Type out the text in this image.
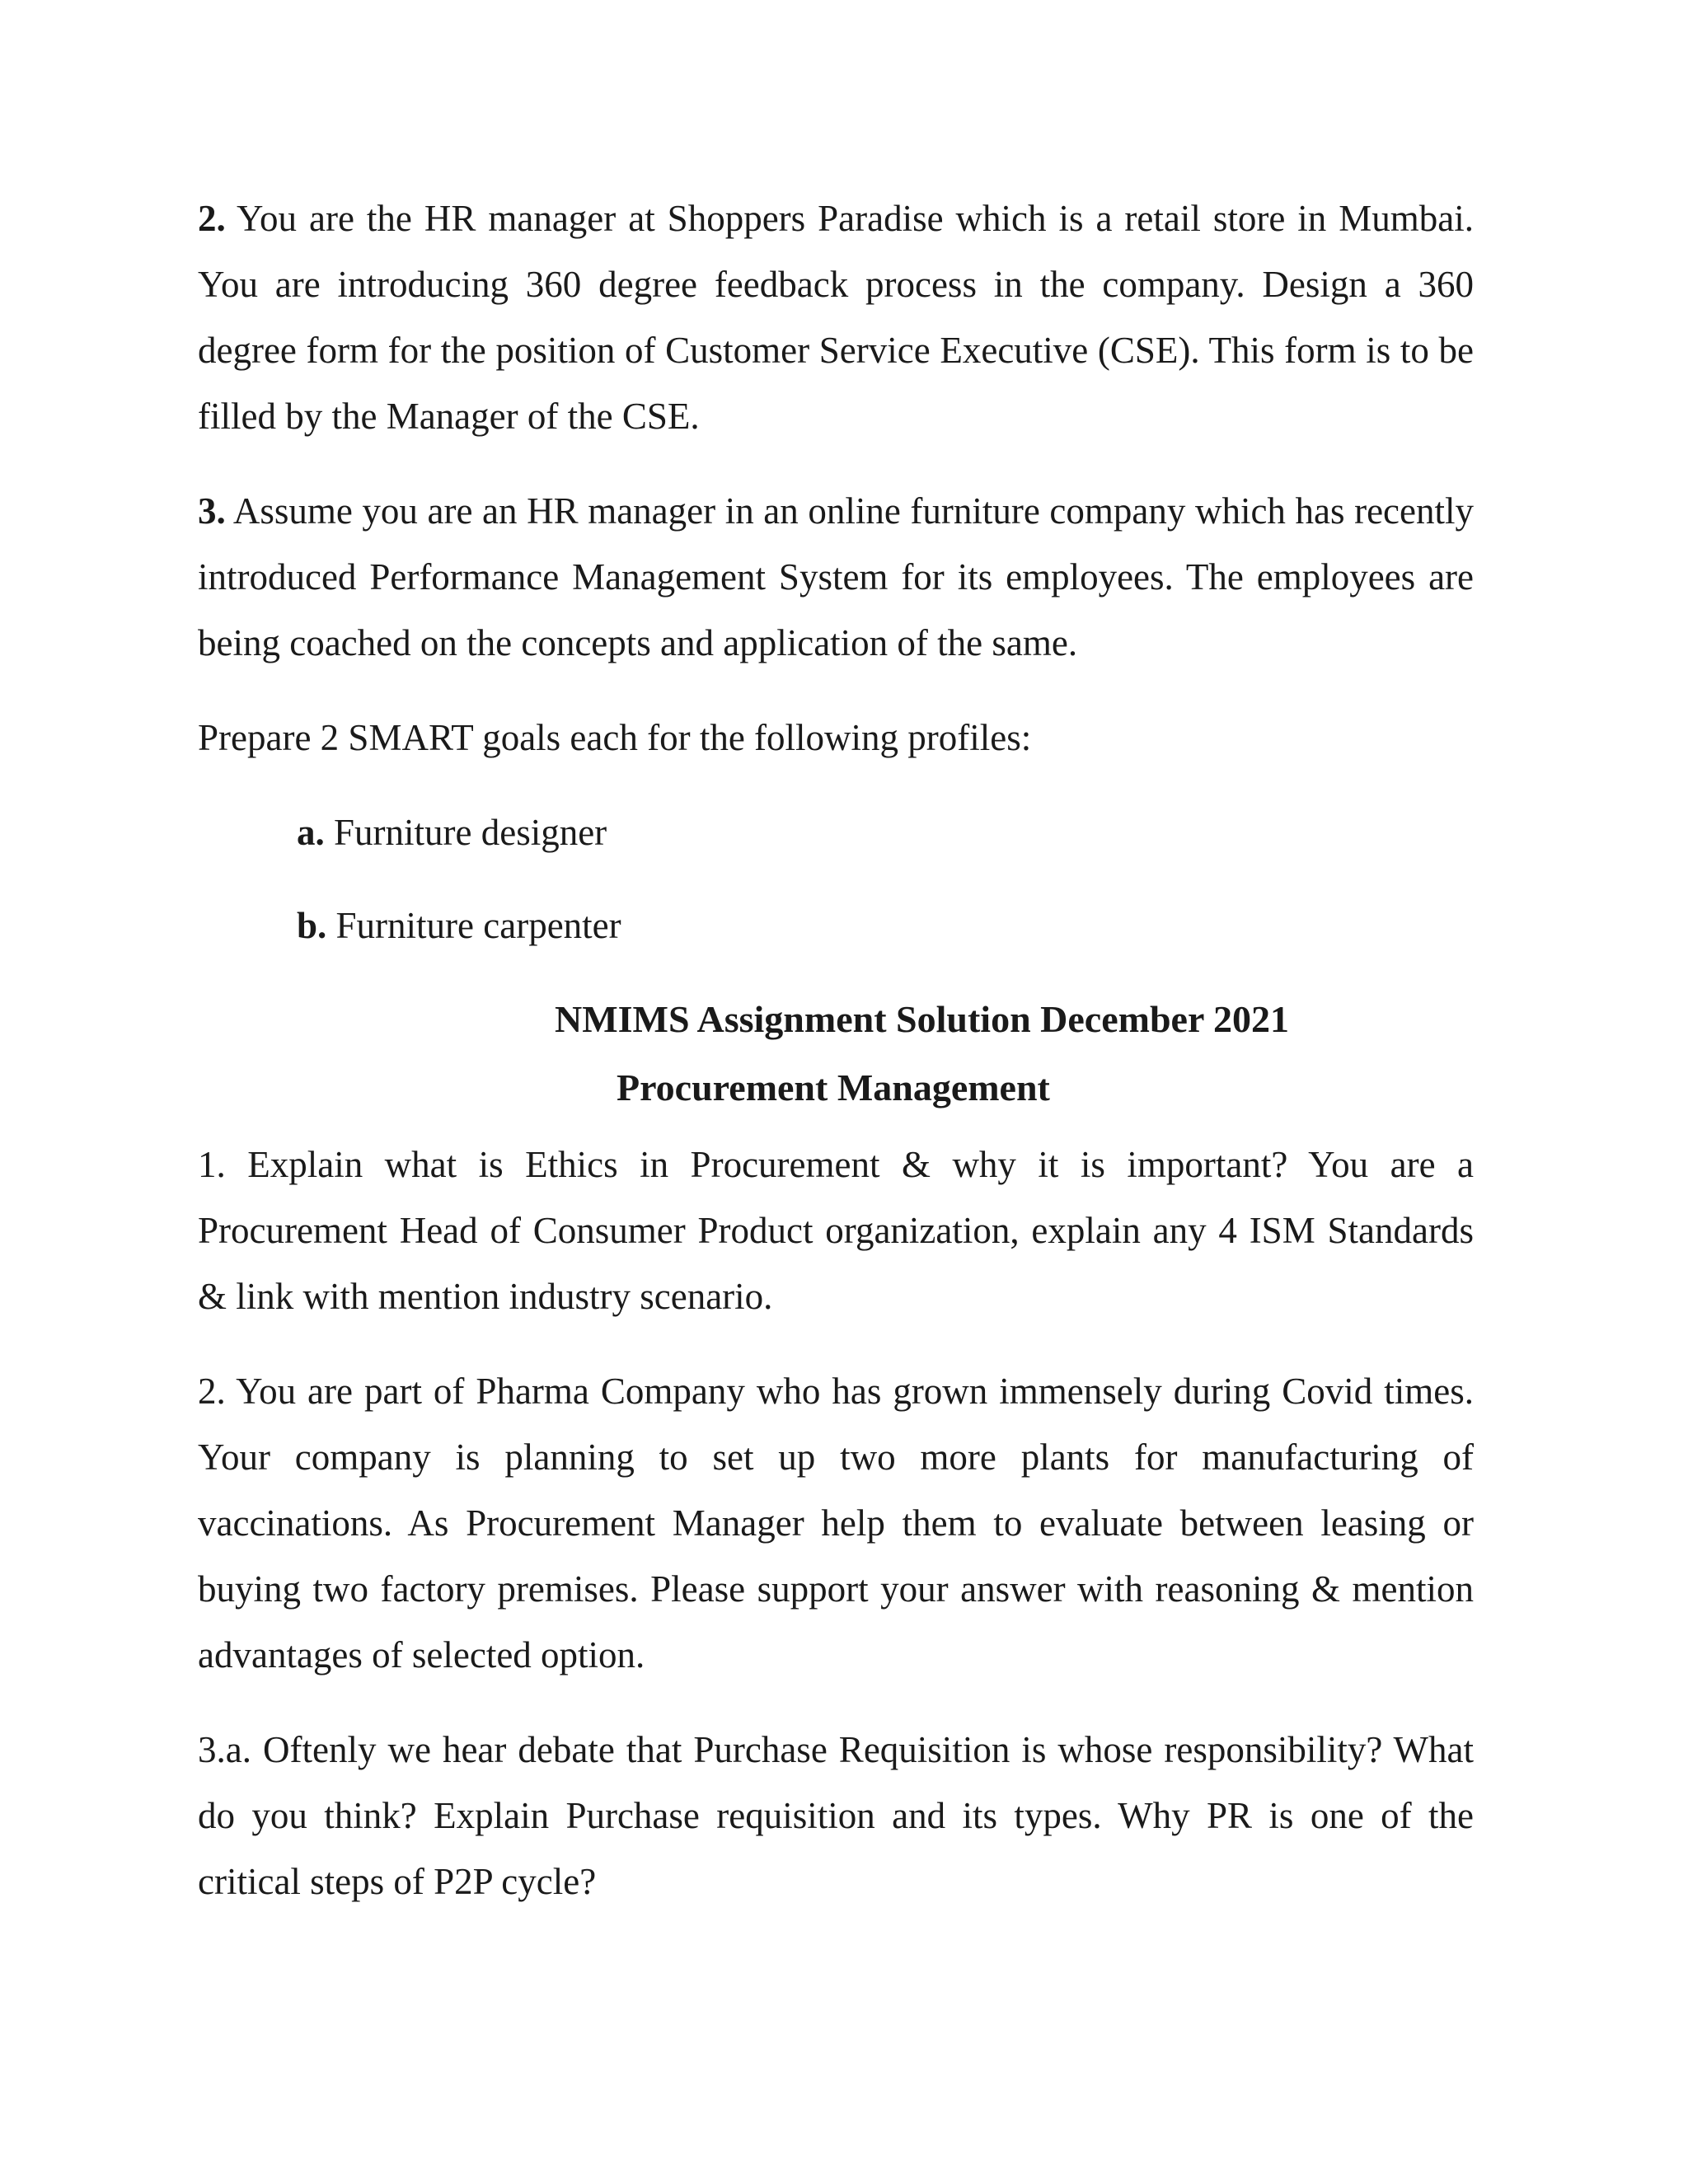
2. You are the HR manager at Shoppers Paradise which is a retail store in Mumbai. You are introducing 360 degree feedback process in the company. Design a 360 degree form for the position of Customer Service Executive (CSE). This form is to be filled by the Manager of the CSE.
3. Assume you are an HR manager in an online furniture company which has recently introduced Performance Management System for its employees. The employees are being coached on the concepts and application of the same.
Prepare 2 SMART goals each for the following profiles:
a. Furniture designer
b. Furniture carpenter
NMIMS Assignment Solution December 2021
Procurement Management
1. Explain what is Ethics in Procurement & why it is important? You are a Procurement Head of Consumer Product organization, explain any 4 ISM Standards & link with mention industry scenario.
2. You are part of Pharma Company who has grown immensely during Covid times. Your company is planning to set up two more plants for manufacturing of vaccinations. As Procurement Manager help them to evaluate between leasing or buying two factory premises. Please support your answer with reasoning & mention advantages of selected option.
3.a. Oftenly we hear debate that Purchase Requisition is whose responsibility? What do you think? Explain Purchase requisition and its types. Why PR is one of the critical steps of P2P cycle?
